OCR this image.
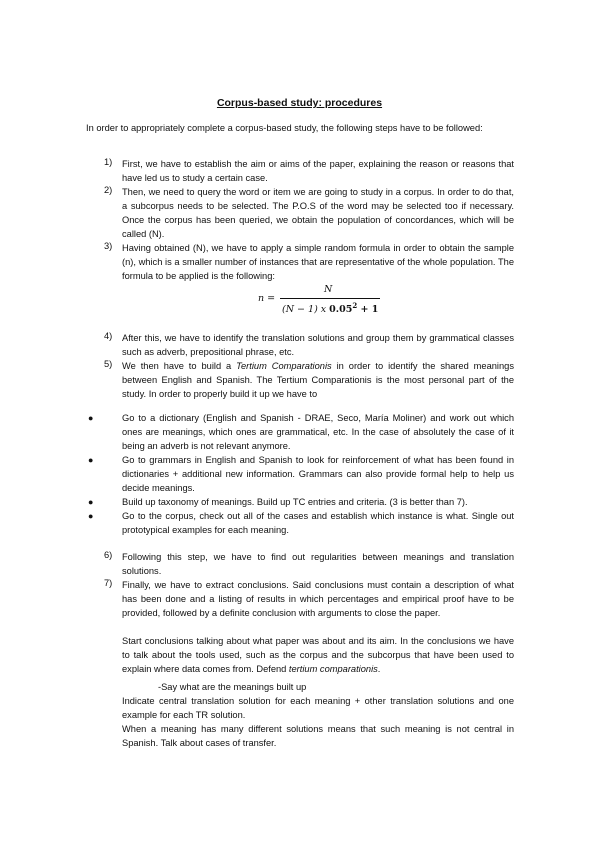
Corpus-based study: procedures
In order to appropriately complete a corpus-based study, the following steps have to be followed:
1)	First, we have to establish the aim or aims of the paper, explaining the reason or reasons that have led us to study a certain case.
2)	Then, we need to query the word or item we are going to study in a corpus. In order to do that, a subcorpus needs to be selected. The P.O.S of the word may be selected too if necessary. Once the corpus has been queried, we obtain the population of concordances, which will be called (N).
3)	Having obtained (N), we have to apply a simple random formula in order to obtain the sample (n), which is a smaller number of instances that are representative of the whole population. The formula to be applied is the following:
n =
N
(N − 1) x $0.05^2 + 1$
4)	After this, we have to identify the translation solutions and group them by grammatical classes such as adverb, prepositional phrase, etc.
5)	We then have to build a Tertium Comparationis in order to identify the shared meanings between English and Spanish. The Tertium Comparationis is the most personal part of the study. In order to properly build it up we have to
●	Go to a dictionary (English and Spanish - DRAE, Seco, María Moliner) and work out which ones are meanings, which ones are grammatical, etc. In the case of absolutely the case of it being an adverb is not relevant anymore.
●	Go to grammars in English and Spanish to look for reinforcement of what has been found in dictionaries + additional new information. Grammars can also provide formal help to help us decide meanings.
●	Build up taxonomy of meanings. Build up TC entries and criteria. (3 is better than 7).
●	Go to the corpus, check out all of the cases and establish which instance is what. Single out prototypical examples for each meaning.
6)	Following this step, we have to find out regularities between meanings and translation solutions.
7)	Finally, we have to extract conclusions. Said conclusions must contain a description of what has been done and a listing of results in which percentages and empirical proof have to be provided, followed by a definite conclusion with arguments to close the paper.
Start conclusions talking about what paper was about and its aim. In the conclusions we have to talk about the tools used, such as the corpus and the subcorpus that have been used to explain where data comes from. Defend tertium comparationis.
-Say what are the meanings built up
Indicate central translation solution for each meaning + other translation solutions and one example for each TR solution.
When a meaning has many different solutions means that such meaning is not central in Spanish. Talk about cases of transfer.
